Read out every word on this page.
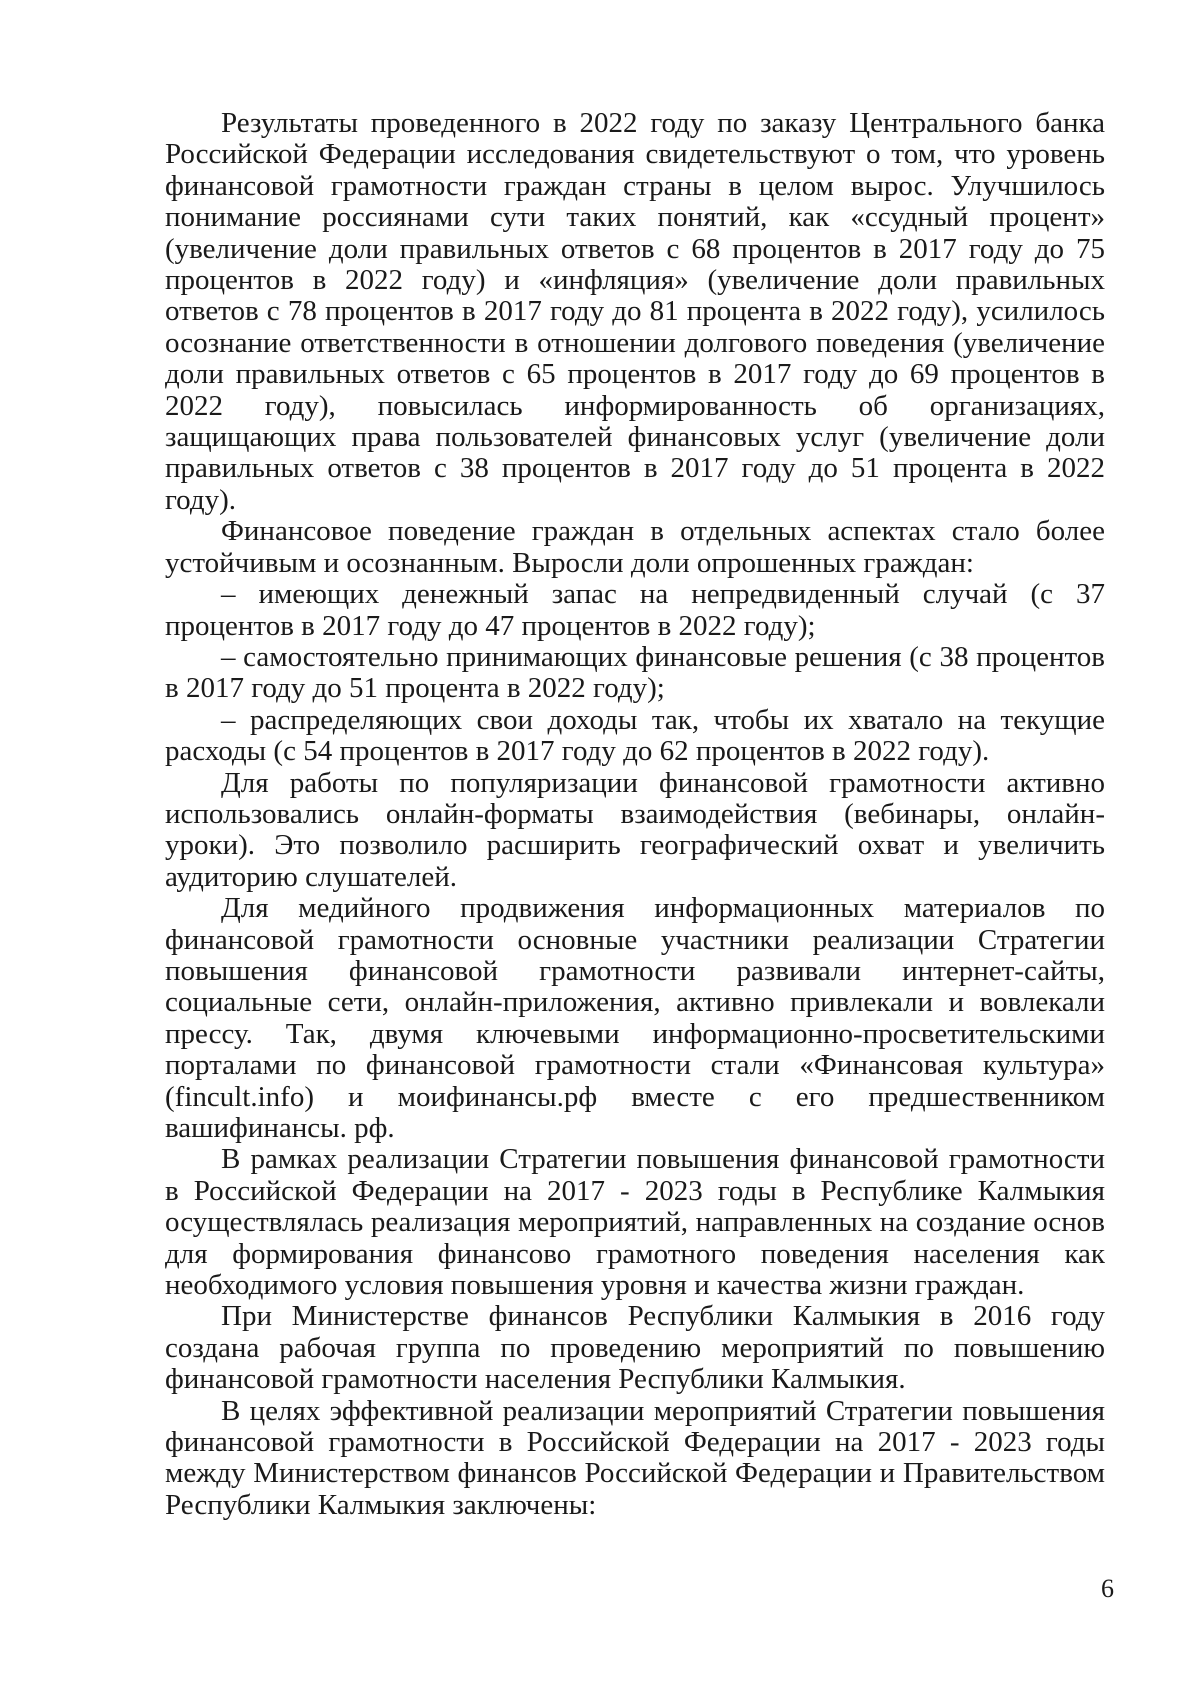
Результаты проведенного в 2022 году по заказу Центрального банка Российской Федерации исследования свидетельствуют о том, что уровень финансовой грамотности граждан страны в целом вырос. Улучшилось понимание россиянами сути таких понятий, как «ссудный процент» (увеличение доли правильных ответов с 68 процентов в 2017 году до 75 процентов в 2022 году) и «инфляция» (увеличение доли правильных ответов с 78 процентов в 2017 году до 81 процента в 2022 году), усилилось осознание ответственности в отношении долгового поведения (увеличение доли правильных ответов с 65 процентов в 2017 году до 69 процентов в 2022 году), повысилась информированность об организациях, защищающих права пользователей финансовых услуг (увеличение доли правильных ответов с 38 процентов в 2017 году до 51 процента в 2022 году).

Финансовое поведение граждан в отдельных аспектах стало более устойчивым и осознанным. Выросли доли опрошенных граждан:

– имеющих денежный запас на непредвиденный случай (с 37 процентов в 2017 году до 47 процентов в 2022 году);

– самостоятельно принимающих финансовые решения (с 38 процентов в 2017 году до 51 процента в 2022 году);

– распределяющих свои доходы так, чтобы их хватало на текущие расходы (с 54 процентов в 2017 году до 62 процентов в 2022 году).

Для работы по популяризации финансовой грамотности активно использовались онлайн-форматы взаимодействия (вебинары, онлайн-уроки). Это позволило расширить географический охват и увеличить аудиторию слушателей.

Для медийного продвижения информационных материалов по финансовой грамотности основные участники реализации Стратегии повышения финансовой грамотности развивали интернет-сайты, социальные сети, онлайн-приложения, активно привлекали и вовлекали прессу. Так, двумя ключевыми информационно-просветительскими порталами по финансовой грамотности стали «Финансовая культура» (fincult.info) и моифинансы.рф вместе с его предшественником вашифинансы. рф.

В рамках реализации Стратегии повышения финансовой грамотности в Российской Федерации на 2017 - 2023 годы в Республике Калмыкия осуществлялась реализация мероприятий, направленных на создание основ для формирования финансово грамотного поведения населения как необходимого условия повышения уровня и качества жизни граждан.

При Министерстве финансов Республики Калмыкия в 2016 году создана рабочая группа по проведению мероприятий по повышению финансовой грамотности населения Республики Калмыкия.

В целях эффективной реализации мероприятий Стратегии повышения финансовой грамотности в Российской Федерации на 2017 - 2023 годы между Министерством финансов Российской Федерации и Правительством Республики Калмыкия заключены:

6
